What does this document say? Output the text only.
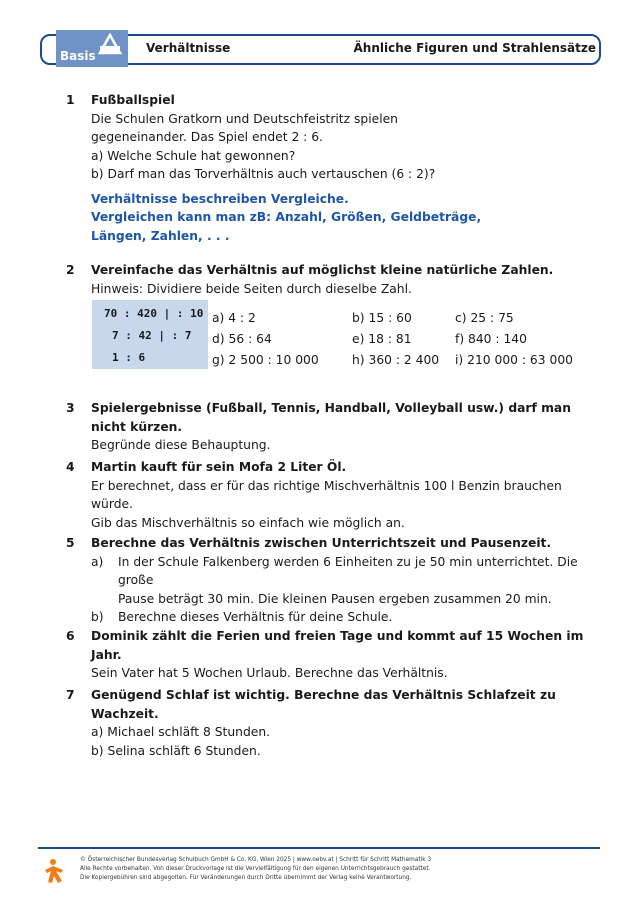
Basis
Verhältnisse	Ähnliche Figuren und Strahlensätze
1 Fußballspiel
Die Schulen Gratkorn und Deutschfeistritz spielen
gegeneinander. Das Spiel endet 2 : 6.
a) Welche Schule hat gewonnen?
b) Darf man das Torverhältnis auch vertauschen (6 : 2)?
Verhältnisse beschreiben Vergleiche.
Vergleichen kann man zB: Anzahl, Größen, Geldbeträge,
Längen, Zahlen, . . .
2 Vereinfache das Verhältnis auf möglichst kleine natürliche Zahlen.
Hinweis: Dividiere beide Seiten durch dieselbe Zahl.
70 : 420 | : 10
7 : 42 | : 7
1 : 6
a) 4 : 2	b) 15 : 60	c) 25 : 75
d) 56 : 64	e) 18 : 81	f) 840 : 140
g) 2 500 : 10 000	h) 360 : 2 400 i) 210 000 : 63 000
3 Spielergebnisse (Fußball, Tennis, Handball, Volleyball usw.) darf man nicht kürzen.
Begründe diese Behauptung.
4 Martin kauft für sein Mofa 2 Liter Öl.
Er berechnet, dass er für das richtige Mischverhältnis 100 l Benzin brauchen würde.
Gib das Mischverhältnis so einfach wie möglich an.
5 Berechne das Verhältnis zwischen Unterrichtszeit und Pausenzeit.
a) In der Schule Falkenberg werden 6 Einheiten zu je 50 min unterrichtet. Die große
Pause beträgt 30 min. Die kleinen Pausen ergeben zusammen 20 min.
b) Berechne dieses Verhältnis für deine Schule.
6 Dominik zählt die Ferien und freien Tage und kommt auf 15 Wochen im Jahr.
Sein Vater hat 5 Wochen Urlaub. Berechne das Verhältnis.
7 Genügend Schlaf ist wichtig. Berechne das Verhältnis Schlafzeit zu Wachzeit.
a) Michael schläft 8 Stunden.
b) Selina schläft 6 Stunden.
© Österreichischer Bundesverlag Schulbuch GmbH & Co. KG, Wien 2025 | www.oebv.at | Schritt für Schritt Mathematik 3
Alle Rechte vorbehalten. Von dieser Druckvorlage ist die Vervielfältigung für den eigenen Unterrichtsgebrauch gestattet.
Die Kopiergebühren sind abgegolten. Für Veränderungen durch Dritte übernimmt der Verlag keine Verantwortung.
